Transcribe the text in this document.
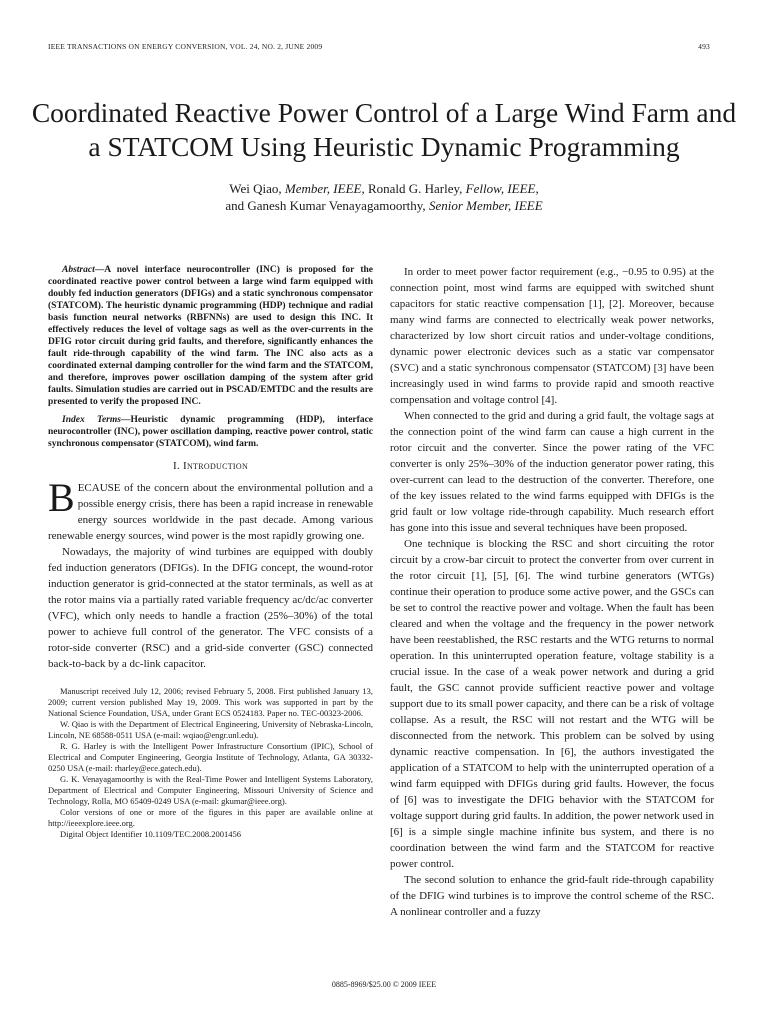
IEEE TRANSACTIONS ON ENERGY CONVERSION, VOL. 24, NO. 2, JUNE 2009	493
Coordinated Reactive Power Control of a Large Wind Farm and a STATCOM Using Heuristic Dynamic Programming
Wei Qiao, Member, IEEE, Ronald G. Harley, Fellow, IEEE,
and Ganesh Kumar Venayagamoorthy, Senior Member, IEEE

Abstract—A novel interface neurocontroller (INC) is proposed for the coordinated reactive power control between a large wind farm equipped with doubly fed induction generators (DFIGs) and a static synchronous compensator (STATCOM). The heuristic dynamic programming (HDP) technique and radial basis function neural networks (RBFNNs) are used to design this INC. It effectively reduces the level of voltage sags as well as the over-currents in the DFIG rotor circuit during grid faults, and therefore, significantly enhances the fault ride-through capability of the wind farm. The INC also acts as a coordinated external damping controller for the wind farm and the STATCOM, and therefore, improves power oscillation damping of the system after grid faults. Simulation studies are carried out in PSCAD/EMTDC and the results are presented to verify the proposed INC.

Index Terms—Heuristic dynamic programming (HDP), interface neurocontroller (INC), power oscillation damping, reactive power control, static synchronous compensator (STATCOM), wind farm.

I. Introduction

BECAUSE of the concern about the environmental pollution and a possible energy crisis, there has been a rapid increase in renewable energy sources worldwide in the past decade. Among various renewable energy sources, wind power is the most rapidly growing one.

Nowadays, the majority of wind turbines are equipped with doubly fed induction generators (DFIGs). In the DFIG concept, the wound-rotor induction generator is grid-connected at the stator terminals, as well as at the rotor mains via a partially rated variable frequency ac/dc/ac converter (VFC), which only needs to handle a fraction (25%–30%) of the total power to achieve full control of the generator. The VFC consists of a rotor-side converter (RSC) and a grid-side converter (GSC) connected back-to-back by a dc-link capacitor.

Manuscript received July 12, 2006; revised February 5, 2008. First published January 13, 2009; current version published May 19, 2009. This work was supported in part by the National Science Foundation, USA, under Grant ECS 0524183. Paper no. TEC-00323-2006.

W. Qiao is with the Department of Electrical Engineering, University of Nebraska-Lincoln, Lincoln, NE 68588-0511 USA (e-mail: wqiao@engr.unl.edu).

R. G. Harley is with the Intelligent Power Infrastructure Consortium (IPIC), School of Electrical and Computer Engineering, Georgia Institute of Technology, Atlanta, GA 30332-0250 USA (e-mail: rharley@ece.gatech.edu).

G. K. Venayagamoorthy is with the Real-Time Power and Intelligent Systems Laboratory, Department of Electrical and Computer Engineering, Missouri University of Science and Technology, Rolla, MO 65409-0249 USA (e-mail: gkumar@ieee.org).

Color versions of one or more of the figures in this paper are available online at http://ieeexplore.ieee.org.

Digital Object Identifier 10.1109/TEC.2008.2001456

In order to meet power factor requirement (e.g., −0.95 to 0.95) at the connection point, most wind farms are equipped with switched shunt capacitors for static reactive compensation [1], [2]. Moreover, because many wind farms are connected to electrically weak power networks, characterized by low short circuit ratios and under-voltage conditions, dynamic power electronic devices such as a static var compensator (SVC) and a static synchronous compensator (STATCOM) [3] have been increasingly used in wind farms to provide rapid and smooth reactive compensation and voltage control [4].

When connected to the grid and during a grid fault, the voltage sags at the connection point of the wind farm can cause a high current in the rotor circuit and the converter. Since the power rating of the VFC converter is only 25%–30% of the induction generator power rating, this over-current can lead to the destruction of the converter. Therefore, one of the key issues related to the wind farms equipped with DFIGs is the grid fault or low voltage ride-through capability. Much research effort has gone into this issue and several techniques have been proposed.

One technique is blocking the RSC and short circuiting the rotor circuit by a crow-bar circuit to protect the converter from over current in the rotor circuit [1], [5], [6]. The wind turbine generators (WTGs) continue their operation to produce some active power, and the GSCs can be set to control the reactive power and voltage. When the fault has been cleared and when the voltage and the frequency in the power network have been reestablished, the RSC restarts and the WTG returns to normal operation. In this uninterrupted operation feature, voltage stability is a crucial issue. In the case of a weak power network and during a grid fault, the GSC cannot provide sufficient reactive power and voltage support due to its small power capacity, and there can be a risk of voltage collapse. As a result, the RSC will not restart and the WTG will be disconnected from the network. This problem can be solved by using dynamic reactive compensation. In [6], the authors investigated the application of a STATCOM to help with the uninterrupted operation of a wind farm equipped with DFIGs during grid faults. However, the focus of [6] was to investigate the DFIG behavior with the STATCOM for voltage support during grid faults. In addition, the power network used in [6] is a simple single machine infinite bus system, and there is no coordination between the wind farm and the STATCOM for reactive power control.

The second solution to enhance the grid-fault ride-through capability of the DFIG wind turbines is to improve the control scheme of the RSC. A nonlinear controller and a fuzzy

0885-8969/$25.00 © 2009 IEEE
